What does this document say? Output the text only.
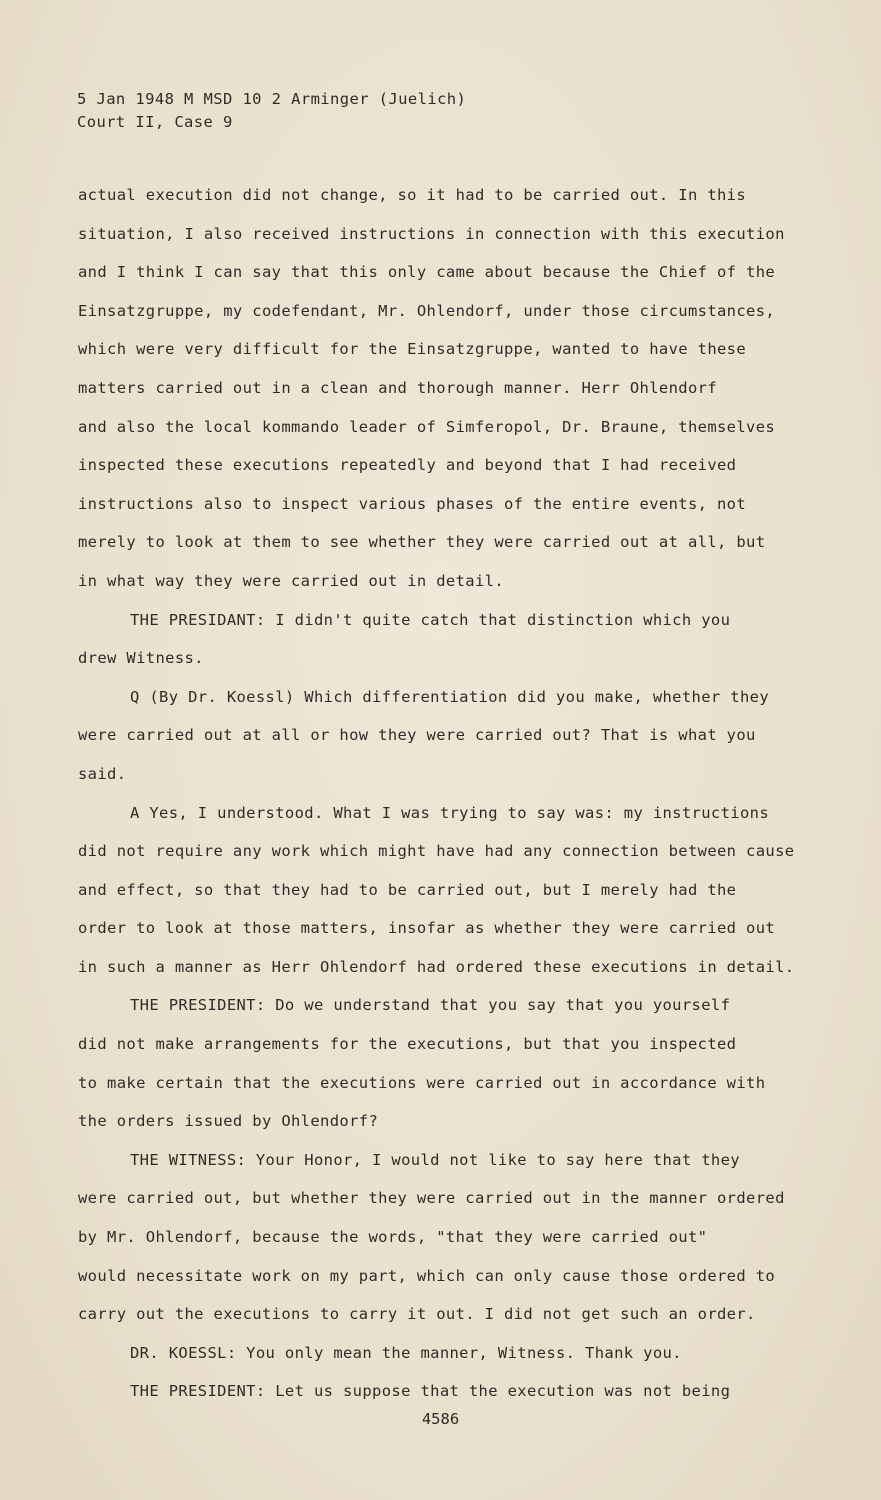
5 Jan 1948 M MSD 10 2 Arminger (Juelich)
Court II, Case 9
actual execution did not change, so it had to be carried out. In this
situation, I also received instructions in connection with this execution
and I think I can say that this only came about because the Chief of the
Einsatzgruppe, my codefendant, Mr. Ohlendorf, under those circumstances,
which were very difficult for the Einsatzgruppe, wanted to have these
matters carried out in a clean and thorough manner. Herr Ohlendorf
and also the local kommando leader of Simferopol, Dr. Braune, themselves
inspected these executions repeatedly and beyond that I had received
instructions also to inspect various phases of the entire events, not
merely to look at them to see whether they were carried out at all, but
in what way they were carried out in detail.
THE PRESIDANT: I didn't quite catch that distinction which you
drew Witness.
Q (By Dr. Koessl) Which differentiation did you make, whether they
were carried out at all or how they were carried out? That is what you
said.
A Yes, I understood. What I was trying to say was: my instructions
did not require any work which might have had any connection between cause
and effect, so that they had to be carried out, but I merely had the
order to look at those matters, insofar as whether they were carried out
in such a manner as Herr Ohlendorf had ordered these executions in detail.
THE PRESIDENT: Do we understand that you say that you yourself
did not make arrangements for the executions, but that you inspected
to make certain that the executions were carried out in accordance with
the orders issued by Ohlendorf?
THE WITNESS: Your Honor, I would not like to say here that they
were carried out, but whether they were carried out in the manner ordered
by Mr. Ohlendorf, because the words, "that they were carried out"
would necessitate work on my part, which can only cause those ordered to
carry out the executions to carry it out. I did not get such an order.
DR. KOESSL: You only mean the manner, Witness. Thank you.
THE PRESIDENT: Let us suppose that the execution was not being
4586
